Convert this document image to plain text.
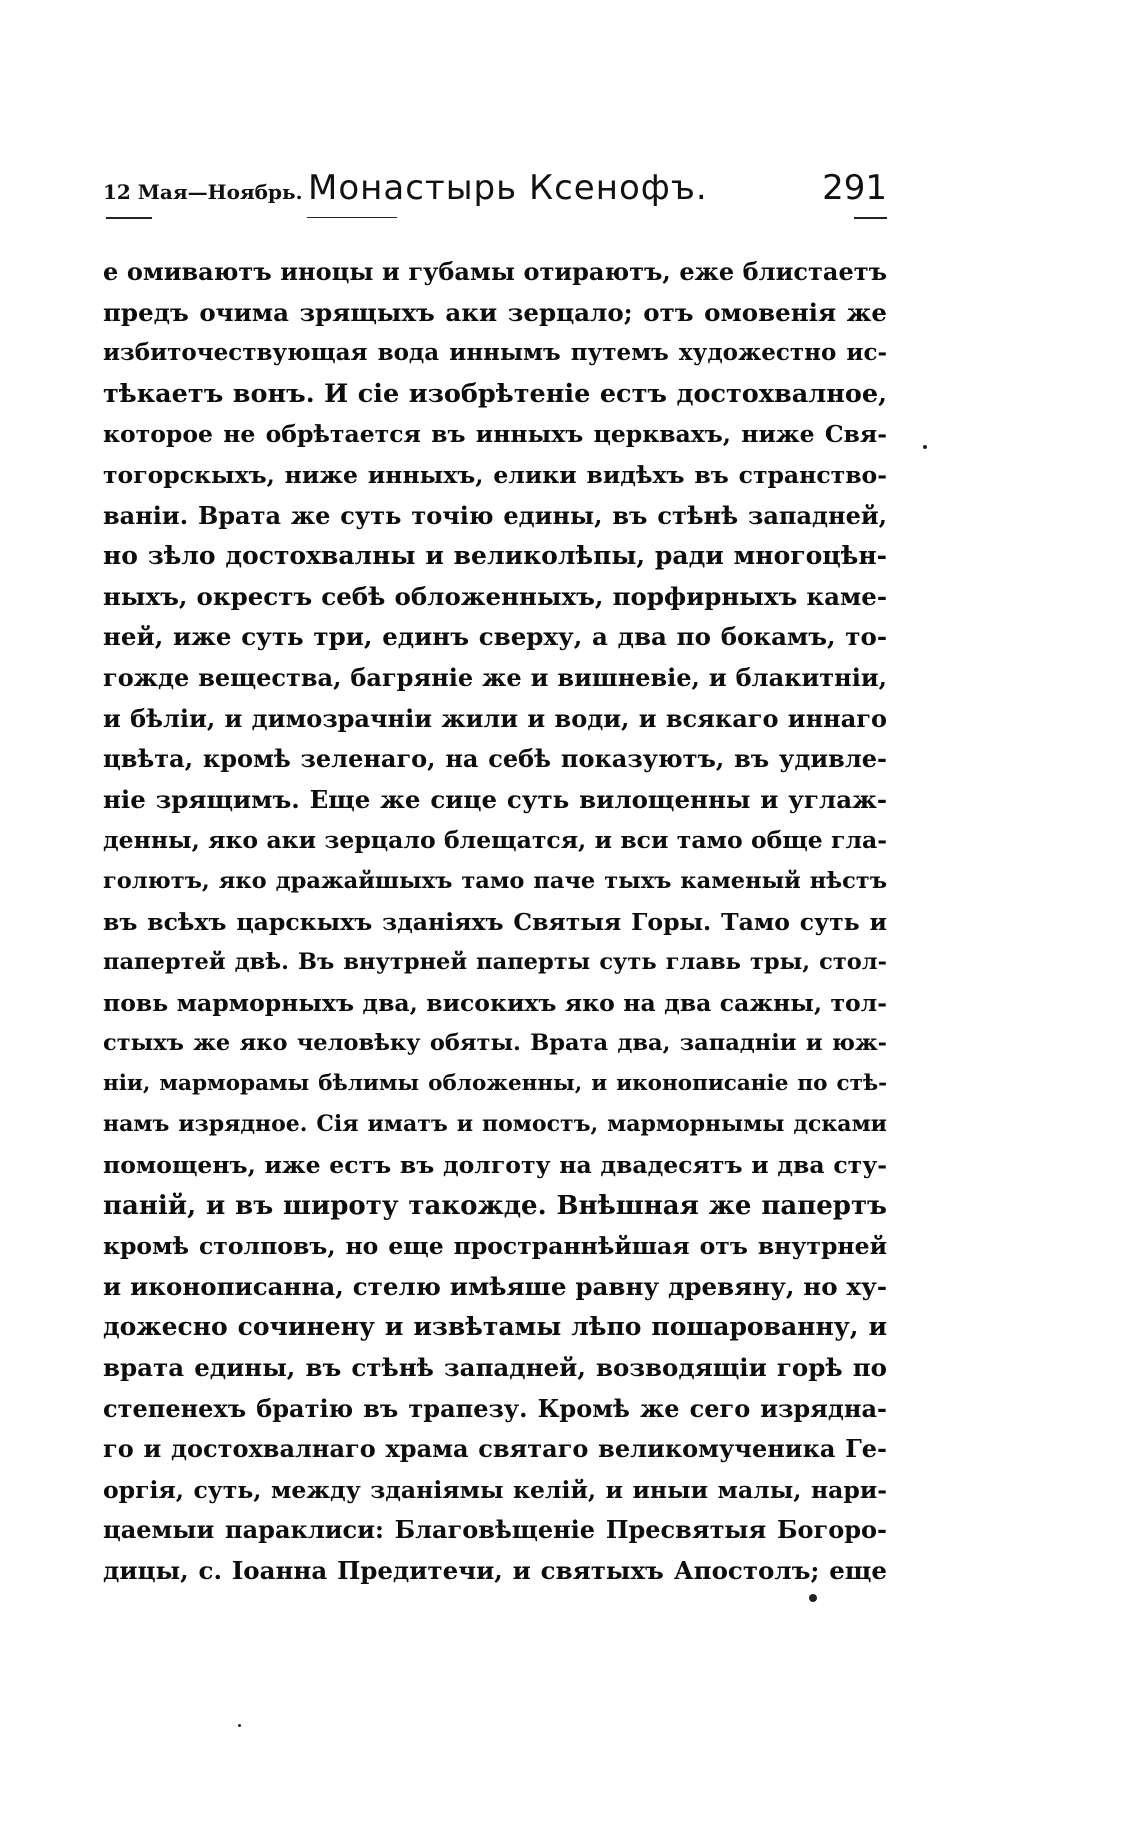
12 Мая—Ноябрь. Монастырь Ксенофъ.	291
е омиваютъ иноцы и губамы отираютъ, еже блистаетъ
предъ очима зрящыхъ аки зерцало; отъ омовенія же
избиточествующая вода иннымъ путемъ художестно ис-
тѣкаетъ вонъ. И сіе изобрѣтеніе естъ достохвалное,
которое не обрѣтается въ инныхъ церквахъ, ниже Свя-
тогорскыхъ, ниже инныхъ, елики видѣхъ въ странство-
ваніи. Врата же суть точію едины, въ стѣнѣ западней,
но зѣло достохвалны и великолѣпы, ради многоцѣн-
ныхъ, окрестъ себѣ обложенныхъ, порфирныхъ каме-
ней, иже суть три, единъ сверху, а два по бокамъ, то-
гожде вещества, багряніе же и вишневіе, и блакитніи,
и бѣліи, и димозрачніи жили и води, и всякаго иннаго
цвѣта, кромѣ зеленаго, на себѣ показуютъ, въ удивле-
ніе зрящимъ. Еще же сице суть вилощенны и углаж-
денны, яко аки зерцало блещатся, и вси тамо обще гла-
голютъ, яко дражайшыхъ тамо паче тыхъ каменый нѣстъ
въ всѣхъ царскыхъ зданіяхъ Святыя Горы. Тамо суть и
папертей двѣ. Въ внутрней паперты суть главь тры, стол-
повь марморныхъ два, високихъ яко на два сажны, тол-
стыхъ же яко человѣку обяты. Врата два, западніи и юж-
ніи, марморамы бѣлимы обложенны, и иконописаніе по стѣ-
намъ изрядное. Сія иматъ и помостъ, марморнымы дсками
помощенъ, иже естъ въ долготу на двадесятъ и два сту-
паній, и въ широту такожде. Внѣшная же папертъ
кромѣ столповъ, но еще пространнѣйшая отъ внутрней
и иконописанна, стелю имѣяше равну древяну, но ху-
дожесно сочинену и извѣтамы лѣпо пошарованну, и
врата едины, въ стѣнѣ западней, возводящіи горѣ по
степенехъ братію въ трапезу. Кромѣ же сего изрядна-
го и достохвалнаго храма святаго великомученика Ге-
оргія, суть, между зданіямы келій, и иныи малы, нари-
цаемыи параклиси: Благовѣщеніе Пресвятыя Богоро-
дицы, с. Іоанна Предитечи, и святыхъ Апостолъ; еще
